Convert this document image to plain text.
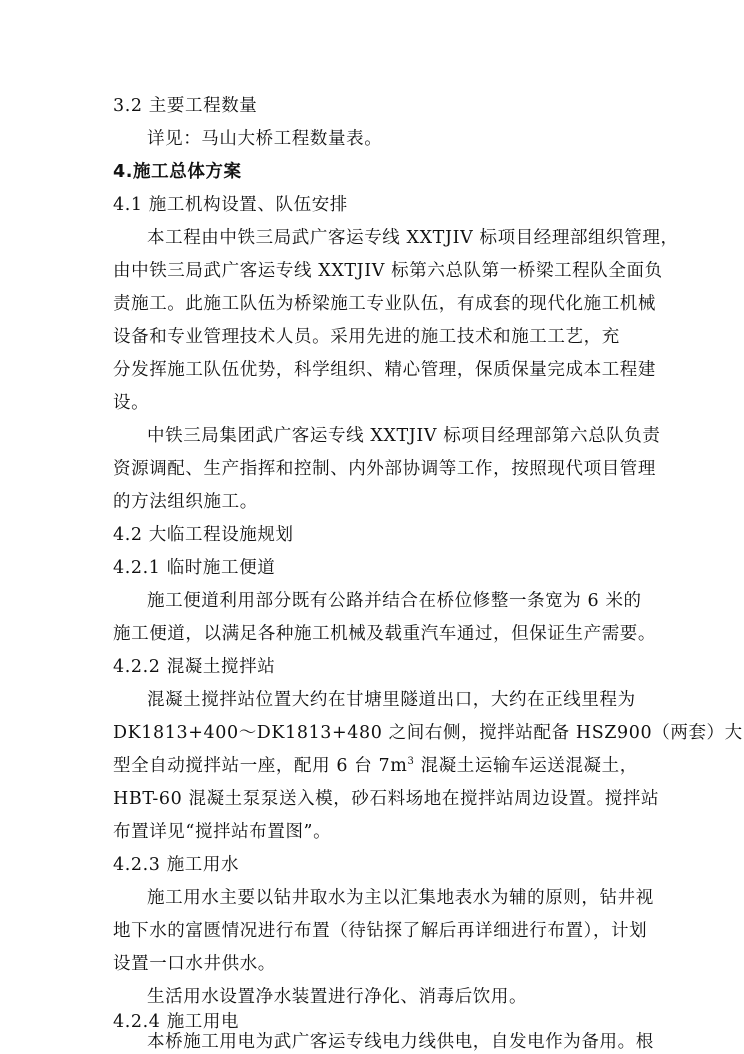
3.2 主要工程数量
详见：马山大桥工程数量表。
4.施工总体方案
4.1 施工机构设置、队伍安排
本工程由中铁三局武广客运专线 XXTJIV 标项目经理部组织管理，
由中铁三局武广客运专线 XXTJIV 标第六总队第一桥梁工程队全面负
责施工。此施工队伍为桥梁施工专业队伍，有成套的现代化施工机械
设备和专业管理技术人员。采用先进的施工技术和施工工艺，充
分发挥施工队伍优势，科学组织、精心管理，保质保量完成本工程建
设。
中铁三局集团武广客运专线 XXTJIV 标项目经理部第六总队负责
资源调配、生产指挥和控制、内外部协调等工作，按照现代项目管理
的方法组织施工。
4.2 大临工程设施规划
4.2.1 临时施工便道
施工便道利用部分既有公路并结合在桥位修整一条宽为 6 米的
施工便道，以满足各种施工机械及载重汽车通过，但保证生产需要。
4.2.2 混凝土搅拌站
混凝土搅拌站位置大约在甘塘里隧道出口，大约在正线里程为
DK1813+400～DK1813+480 之间右侧，搅拌站配备 HSZ900（两套）大
型全自动搅拌站一座，配用 6 台 $7m^3$ 混凝土运输车运送混凝土，
HBT-60 混凝土泵泵送入模，砂石料场地在搅拌站周边设置。搅拌站
布置详见“搅拌站布置图”。
4.2.3 施工用水
施工用水主要以钻井取水为主以汇集地表水为辅的原则，钻井视
地下水的富匮情况进行布置（待钻探了解后再详细进行布置），计划
设置一口水井供水。
生活用水设置净水装置进行净化、消毒后饮用。
4.2.4 施工用电
本桥施工用电为武广客运专线电力线供电，自发电作为备用。根
